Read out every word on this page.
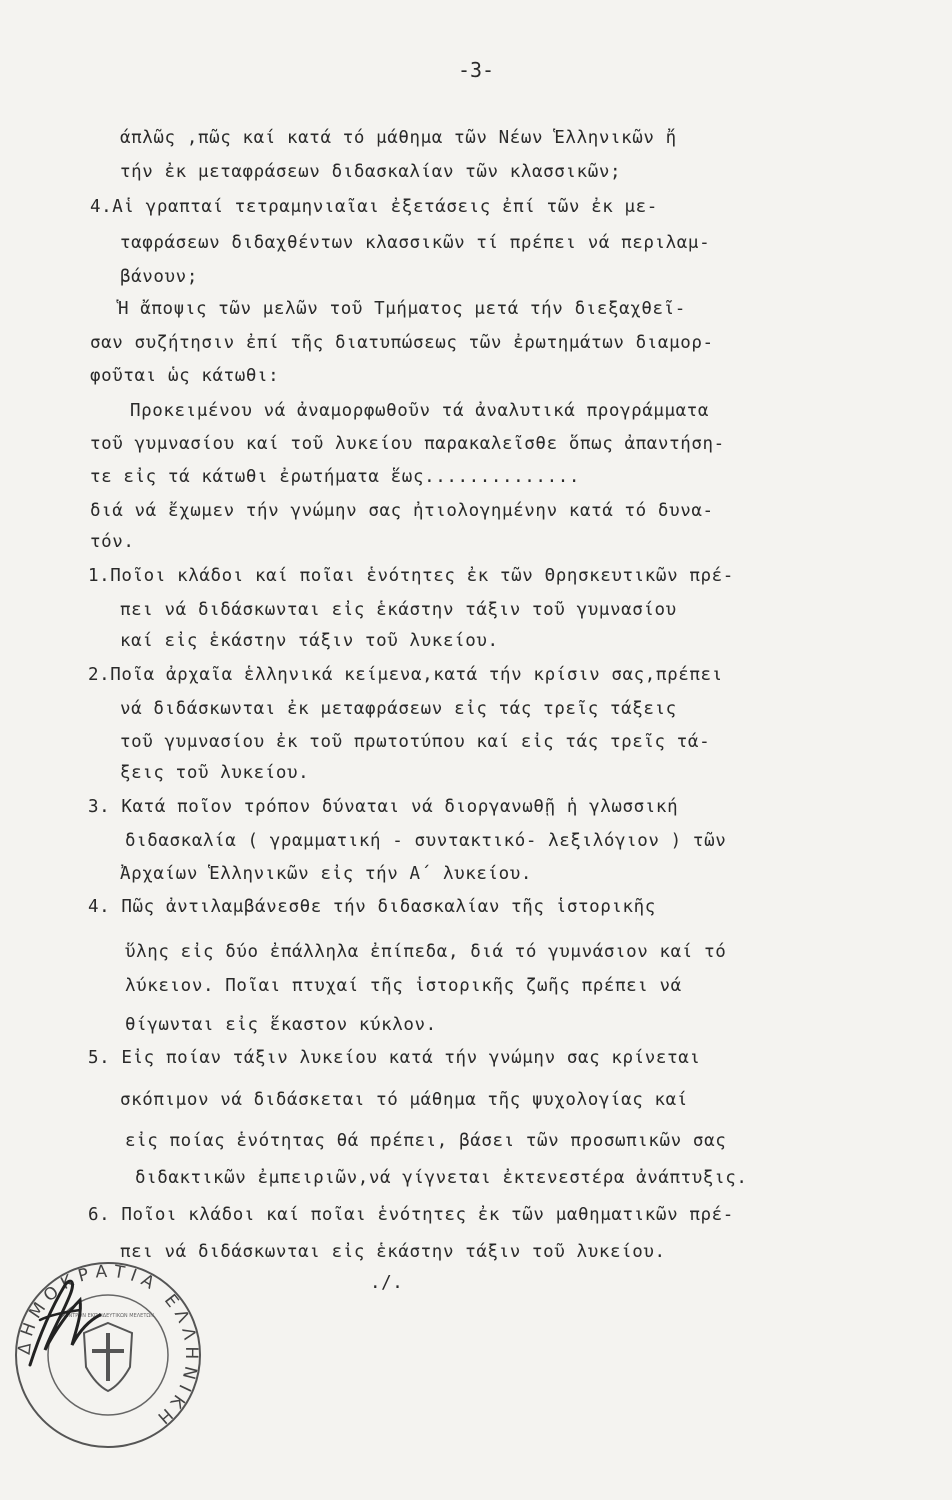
-3-
άπλῶς ,πῶς καί κατά τό μάθημα τῶν Νέων Ἑλληνικῶν ἤ
τήν ἐκ μεταφράσεων διδασκαλίαν τῶν κλασσικῶν;
4.Αἱ γραπταί τετραμηνιαῖαι ἐξετάσεις ἐπί τῶν ἐκ με-
ταφράσεων διδαχθέντων κλασσικῶν τί πρέπει νά περιλαμ-
βάνουν;
Ἡ ἄποψις τῶν μελῶν τοῦ Τμήματος μετά τήν διεξαχθεῖ-
σαν συζήτησιν ἐπί τῆς διατυπώσεως τῶν ἐρωτημάτων διαμορ-
φοῦται ὡς κάτωθι:
Προκειμένου νά ἀναμορφωθοῦν τά ἀναλυτικά προγράμματα
τοῦ γυμνασίου καί τοῦ λυκείου παρακαλεῖσθε ὅπως ἀπαντήση-
τε εἰς τά κάτωθι ἐρωτήματα ἕως..............
διά νά ἔχωμεν τήν γνώμην σας ἠτιολογημένην κατά τό δυνα-
τόν.
1.Ποῖοι κλάδοι καί ποῖαι ἑνότητες ἐκ τῶν Θρησκευτικῶν πρέ-
πει νά διδάσκωνται εἰς ἑκάστην τάξιν τοῦ γυμνασίου
καί εἰς ἑκάστην τάξιν τοῦ λυκείου.
2.Ποῖα ἀρχαῖα ἑλληνικά κείμενα,κατά τήν κρίσιν σας,πρέπει
νά διδάσκωνται ἐκ μεταφράσεων εἰς τάς τρεῖς τάξεις
τοῦ γυμνασίου ἐκ τοῦ πρωτοτύπου καί εἰς τάς τρεῖς τά-
ξεις τοῦ λυκείου.
3. Κατά ποῖον τρόπον δύναται νά διοργανωθῇ ἡ γλωσσική
διδασκαλία ( γραμματική - συντακτικό- λεξιλόγιον ) τῶν
Ἀρχαίων Ἑλληνικῶν εἰς τήν Α΄ λυκείου.
4. Πῶς ἀντιλαμβάνεσθε τήν διδασκαλίαν τῆς ἱστορικῆς
ὕλης εἰς δύο ἐπάλληλα ἐπίπεδα, διά τό γυμνάσιον καί τό
λύκειον. Ποῖαι πτυχαί τῆς ἱστορικῆς ζωῆς πρέπει νά
θίγωνται εἰς ἕκαστον κύκλον.
5. Εἰς ποίαν τάξιν λυκείου κατά τήν γνώμην σας κρίνεται
σκόπιμον νά διδάσκεται τό μάθημα τῆς ψυχολογίας καί
εἰς ποίας ἑνότητας θά πρέπει, βάσει τῶν προσωπικῶν σας
διδακτικῶν ἐμπειριῶν,νά γίγνεται ἐκτενεστέρα ἀνάπτυξις.
6. Ποῖοι κλάδοι καί ποῖαι ἑνότητες ἐκ τῶν μαθηματικῶν πρέ-
πει νά διδάσκωνται εἰς ἑκάστην τάξιν τοῦ λυκείου.
./.
ΔΗΜΟΚΡΑΤΙΑ ΕΛΛΗΝΙΚΗ
ΚΕΝΤΡΟΝ ΕΚΠΑΙΔΕΥΤΙΚΩΝ ΜΕΛΕΤΩΝ
